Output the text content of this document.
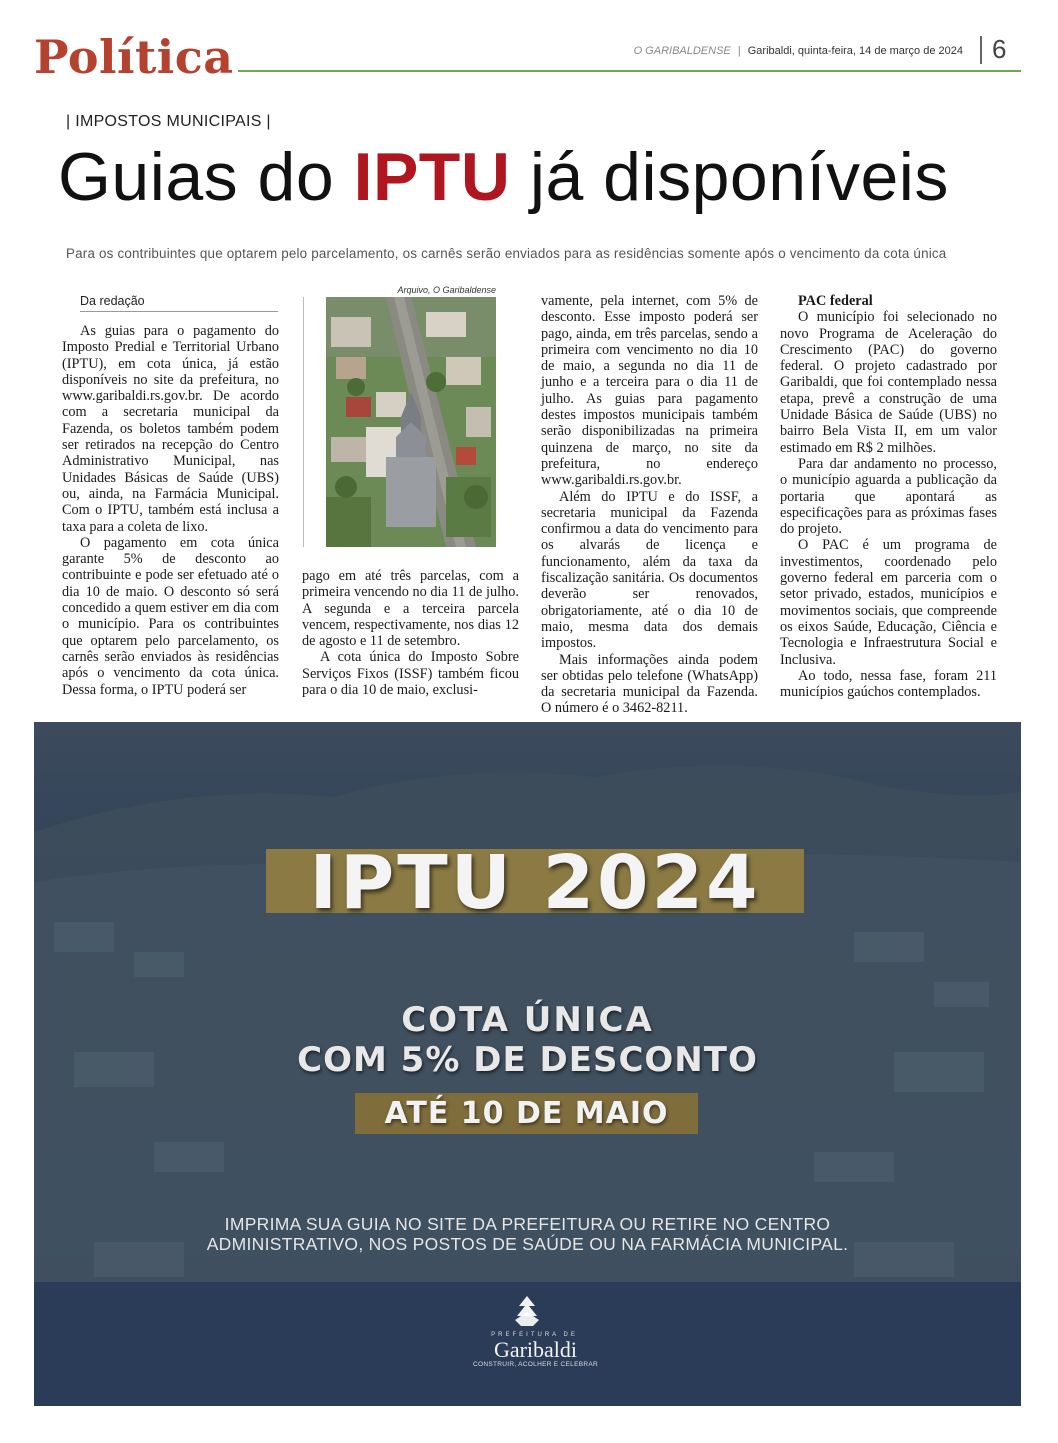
Política	O GARIBALDENSE | Garibaldi, quinta-feira, 14 de março de 2024 6
| IMPOSTOS MUNICIPAIS |
Guias do IPTU já disponíveis
Para os contribuintes que optarem pelo parcelamento, os carnês serão enviados para as residências somente após o vencimento da cota única
Da redação

As guias para o pagamento do Imposto Predial e Territorial Urbano (IPTU), em cota única, já estão disponíveis no site da prefeitura, no www.garibaldi.rs.gov.br. De acordo com a secretaria municipal da Fazenda, os boletos também podem ser retirados na recepção do Centro Administrativo Municipal, nas Unidades Básicas de Saúde (UBS) ou, ainda, na Farmácia Municipal. Com o IPTU, também está inclusa a taxa para a coleta de lixo.

O pagamento em cota única garante 5% de desconto ao contribuinte e pode ser efetuado até o dia 10 de maio. O desconto só será concedido a quem estiver em dia com o município. Para os contribuintes que optarem pelo parcelamento, os carnês serão enviados às residências após o vencimento da cota única. Dessa forma, o IPTU poderá ser

Arquivo, O Garibaldense

pago em até três parcelas, com a primeira vencendo no dia 11 de julho. A segunda e a terceira parcela vencem, respectivamente, nos dias 12 de agosto e 11 de setembro.

A cota única do Imposto Sobre Serviços Fixos (ISSF) também ficou para o dia 10 de maio, exclusi-

vamente, pela internet, com 5% de desconto. Esse imposto poderá ser pago, ainda, em três parcelas, sendo a primeira com vencimento no dia 10 de maio, a segunda no dia 11 de junho e a terceira para o dia 11 de julho. As guias para pagamento destes impostos municipais também serão disponibilizadas na primeira quinzena de março, no site da prefeitura, no endereço www.garibaldi.rs.gov.br.

Além do IPTU e do ISSF, a secretaria municipal da Fazenda confirmou a data do vencimento para os alvarás de licença e funcionamento, além da taxa da fiscalização sanitária. Os documentos deverão ser renovados, obrigatoriamente, até o dia 10 de maio, mesma data dos demais impostos.

Mais informações ainda podem ser obtidas pelo telefone (WhatsApp) da secretaria municipal da Fazenda. O número é o 3462-8211.

PAC federal

O município foi selecionado no novo Programa de Aceleração do Crescimento (PAC) do governo federal. O projeto cadastrado por Garibaldi, que foi contemplado nessa etapa, prevê a construção de uma Unidade Básica de Saúde (UBS) no bairro Bela Vista II, em um valor estimado em R$ 2 milhões.

Para dar andamento no processo, o município aguarda a publicação da portaria que apontará as especificações para as próximas fases do projeto.

O PAC é um programa de investimentos, coordenado pelo governo federal em parceria com o setor privado, estados, municípios e movimentos sociais, que compreende os eixos Saúde, Educação, Ciência e Tecnologia e Infraestrutura Social e Inclusiva.

Ao todo, nessa fase, foram 211 municípios gaúchos contemplados.

IPTU 2024
COTA ÚNICA
COM 5% DE DESCONTO
ATÉ 10 DE MAIO
IMPRIMA SUA GUIA NO SITE DA PREFEITURA OU RETIRE NO CENTRO
ADMINISTRATIVO, NOS POSTOS DE SAÚDE OU NA FARMÁCIA MUNICIPAL.
PREFEITURA DE
Garibaldi
CONSTRUIR, ACOLHER E CELEBRAR
